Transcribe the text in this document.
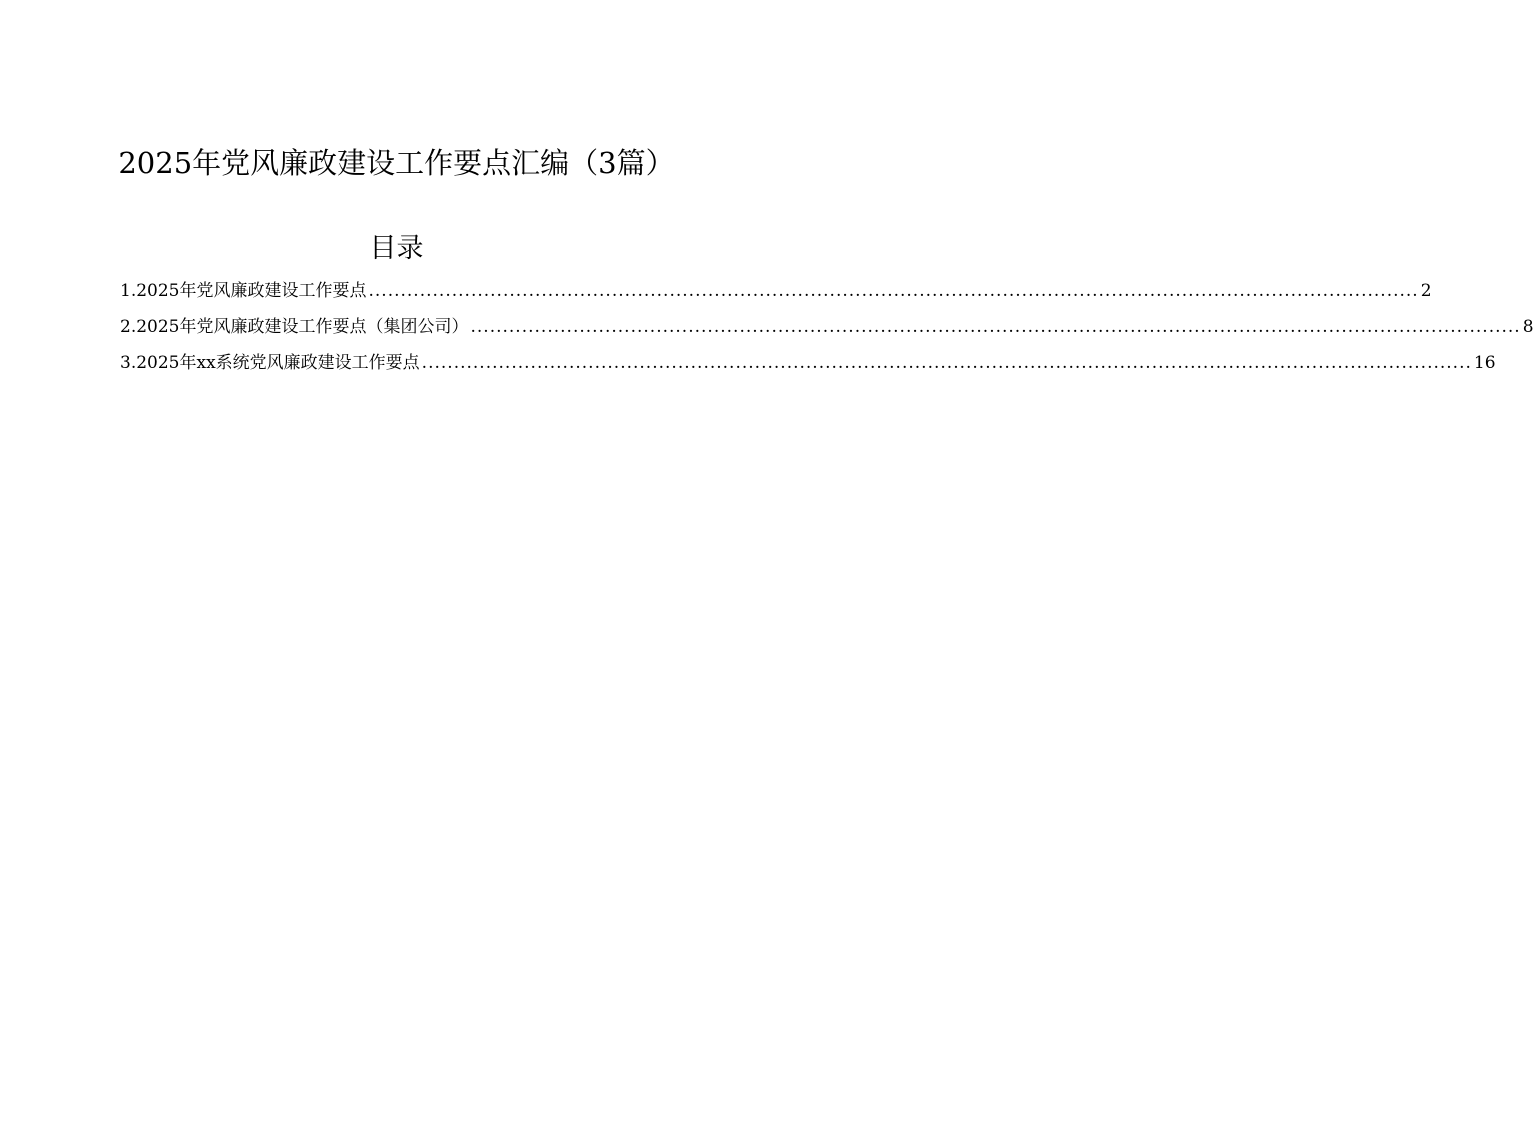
2025年党风廉政建设工作要点汇编（3篇）
目录
1.2025年党风廉政建设工作要点 .................................................................................................................................................................... 2
2.2025年党风廉政建设工作要点（集团公司） .................................................................................................................................................................... 8
3.2025年xx系统党风廉政建设工作要点 .................................................................................................................................................................... 16
